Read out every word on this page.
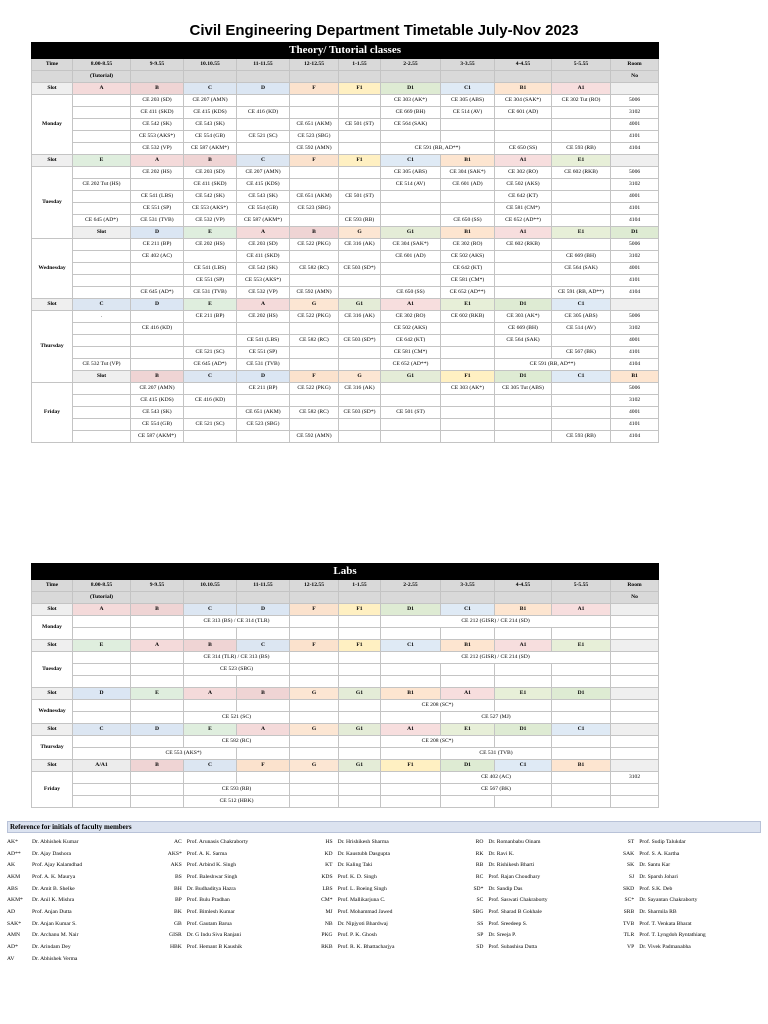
Civil Engineering Department Timetable July-Nov 2023
Theory/ Tutorial classes												
Time	8.00-8.55	9-9.55	10.10.55	11-11.55	12-12.55	1-1.55	2-2.55	3-3.55	4-4.55	5-5.55	Room	
	(Tutorial)										No	
Slot	A	B	C	D	F	F1	D1	C1	B1	A1		
Monday		CE 203 (SD)	CE 207 (AMN)				CE 303 (AK*)	CE 305 (ABS)	CE 304 (SAK*)	CE 302 Tut (RO)	5006	
		CE 411 (SKD)	CE 415 (KDS)	CE 416 (KD)			CE 669 (BH)	CE 514 (AV)	CE 601 (AD)		3102	
		CE 542 (SK)	CE 543 (SK)		CE 651 (AKM)	CE 501 (ST)	CE 564 (SAK)				4001	
		CE 553 (AKS*)	CE 554 (GB)	CE 521 (SC)	CE 523 (SBG)						4101	
		CE 532 (VP)	CE 587 (AKM*)		CE 592 (AMN)		CE 591 (RB, AD**)		CE 650 (SS)	CE 593 (RB)	4104	
Slot	E	A	B	C	F	F1	C1	B1	A1	E1		
Tuesday		CE 202 (HS)	CE 203 (SD)	CE 207 (AMN)			CE 305 (ABS)	CE 304 (SAK*)	CE 302 (RO)	CE 602 (RKB)	5006	
	CE 202 Tut (HS)		CE 411 (SKD)	CE 415 (KDS)			CE 514 (AV)	CE 601 (AD)	CE 502 (AKS)		3102	
		CE 541 (LBS)	CE 542 (SK)	CE 543 (SK)	CE 651 (AKM)	CE 501 (ST)			CE 642 (KT)		4001	
		CE 551 (SP)	CE 553 (AKS*)	CE 554 (GB)	CE 523 (SBG)				CE 581 (CM*)		4101	
	CE 645 (AD*)	CE 531 (TVB)	CE 532 (VP)	CE 587 (AKM*)		CE 593 (RB)		CE 650 (SS)	CE 652 (AD**)		4104	
	Slot	D	E	A	B	G	G1	B1	A1	E1	D1	
Wednesday		CE 211 (BP)	CE 202 (HS)	CE 203 (SD)	CE 522 (PKG)	CE 316 (AK)	CE 304 (SAK*)	CE 302 (RO)	CE 602 (RKB)		5006	
		CE 402 (AC)		CE 411 (SKD)			CE 601 (AD)	CE 502 (AKS)		CE 669 (BH)	3102	
			CE 541 (LBS)	CE 542 (SK)	CE 582 (RC)	CE 503 (SD*)		CE 642 (KT)		CE 564 (SAK)	4001	
			CE 551 (SP)	CE 553 (AKS*)				CE 581 (CM*)			4101	
		CE 645 (AD*)	CE 531 (TVB)	CE 532 (VP)	CE 592 (AMN)		CE 650 (SS)	CE 652 (AD**)		CE 591 (RB, AD**)	4104	
Slot	C	D	E	A	G	G1	A1	E1	D1	C1		
Thursday	.		CE 211 (BP)	CE 202 (HS)	CE 522 (PKG)	CE 316 (AK)	CE 302 (RO)	CE 602 (RKB)	CE 303 (AK*)	CE 305 (ABS)	5006	
		CE 416 (KD)					CE 502 (AKS)		CE 669 (BH)	CE 514 (AV)	3102	
				CE 541 (LBS)	CE 582 (RC)	CE 503 (SD*)	CE 642 (KT)		CE 564 (SAK)		4001	
			CE 521 (SC)	CE 551 (SP)			CE 581 (CM*)			CE 567 (BK)	4101	
	CE 532 Tut (VP)		CE 645 (AD*)	CE 531 (TVB)			CE 652 (AD**)		CE 591 (RB, AD**)		4104	
	Slot	B	C	D	F	G	G1	F1	D1	C1	B1	
Friday		CE 207 (AMN)		CE 211 (BP)	CE 522 (PKG)	CE 316 (AK)		CE 303 (AK*)	CE 305 Tut (ABS)		5006	
		CE 415 (KDS)	CE 416 (KD)								3102	
		CE 543 (SK)		CE 651 (AKM)	CE 582 (RC)	CE 503 (SD*)	CE 501 (ST)				4001	
		CE 554 (GB)	CE 521 (SC)	CE 523 (SBG)							4101	
		CE 587 (AKM*)			CE 592 (AMN)					CE 593 (RB)	4104	
Labs											
Time	8.00-8.55	9-9.55	10.10.55	11-11.55	12-12.55	1-1.55	2-2.55	3-3.55	4-4.55	5-5.55	Room
	(Tutorial)										No
Slot	A	B	C	D	F	F1	D1	C1	B1	A1	
Monday			CE 313 (BS) / CE 314 (TLR)				CE 212 (GISR) / CE 214 (SD)				

Slot	E	A	B	C	F	F1	C1	B1	A1	E1	
Tuesday			CE 314 (TLR) / CE 313 (BS)				CE 212 (GISR) / CE 214 (SD)				
			CE 523 (SBG)								

Slot	D	E	A	B	G	G1	B1	A1	E1	D1	
Wednesday							CE 208 (SC*)				
			CE 521 (SC)					CE 527 (MJ)			
Slot	C	D	E	A	G	G1	A1	E1	D1	C1	
Thursday			CE 582 (RC)				CE 208 (SC*)				
		CE 553 (AKS*)						CE 531 (TVB)			
Slot	A/A1	B	C	F	G	G1	F1	D1	C1	B1	
Friday								CE 402 (AC)			3102
			CE 593 (RB)					CE 567 (BK)			
			CE 512 (HBK)								
Reference for initials of faculty members
AK*	Dr. Abhishek Kumar	AC Prof. Arunasis Chakraborty	HS Dr. Hrishikesh Sharma	RO Dr. Romanbabu Oinam	ST Prof. Sudip Talukdar
AD**	Dr. Ajay Dashora	AKS* Prof. A. K. Sarma	KD Dr. Kaustubh Dasgupta	RK Dr. Ravi K.	SAK Prof. S. A. Kartha
AK	Prof. Ajay Kalamdhad	AKS Prof. Arbind K. Singh	KT Dr. Kaling Taki	RB Dr. Rishikesh Bharti	SK Dr. Santu Kar
AKM	Prof. A. K. Maurya	BS Prof. Baleshwar Singh	KDS Prof. K. D. Singh	RC Prof. Rajan Choudhary	SJ Dr. Sparsh Johari
ABS	Dr. Amit B. Shelke	BH Dr. Budhaditya Hazra	LBS Prof. L. Boeing Singh	SD* Dr. Sandip Das	SKD Prof. S.K. Deb
AKM*	Dr. Anil K. Mishra	BP Prof. Bulu Pradhan	CM* Prof. Mallikarjuna C.	SC Prof. Saswati Chakraborty	SC* Dr. Sayantan Chakraborty
AD	Prof. Anjan Dutta	BK Prof. Bimlesh Kumar	MJ Prof. Mohammad Jawed	SBG Prof. Sharad B Gokhale	SRB Dr. Sharmila RB
SAK*	Dr. Anjan Kumar S.	GB Prof. Gautam Barua	NB Dr. Nipjyoti Bhardwaj	SS Prof. Sreedeep S.	TVB Prof. T. Venkata Bharat
AMN	Dr. Archanu M. Nair	GISR Dr. G Indu Siva Ranjani	PKG Prof. P. K. Ghosh	SP Dr. Sreeja P.	TLR Prof. T. Lyngdoh Ryntathiang
AD*	Dr. Arindam Dey	HBK Prof. Hemant B Kaushik	RKB Prof. R. K. Bhattacharjya	SD Prof. Subashisa Dutta	VP Dr. Vivek Padmanabha
AV	Dr. Abhishek Verma
